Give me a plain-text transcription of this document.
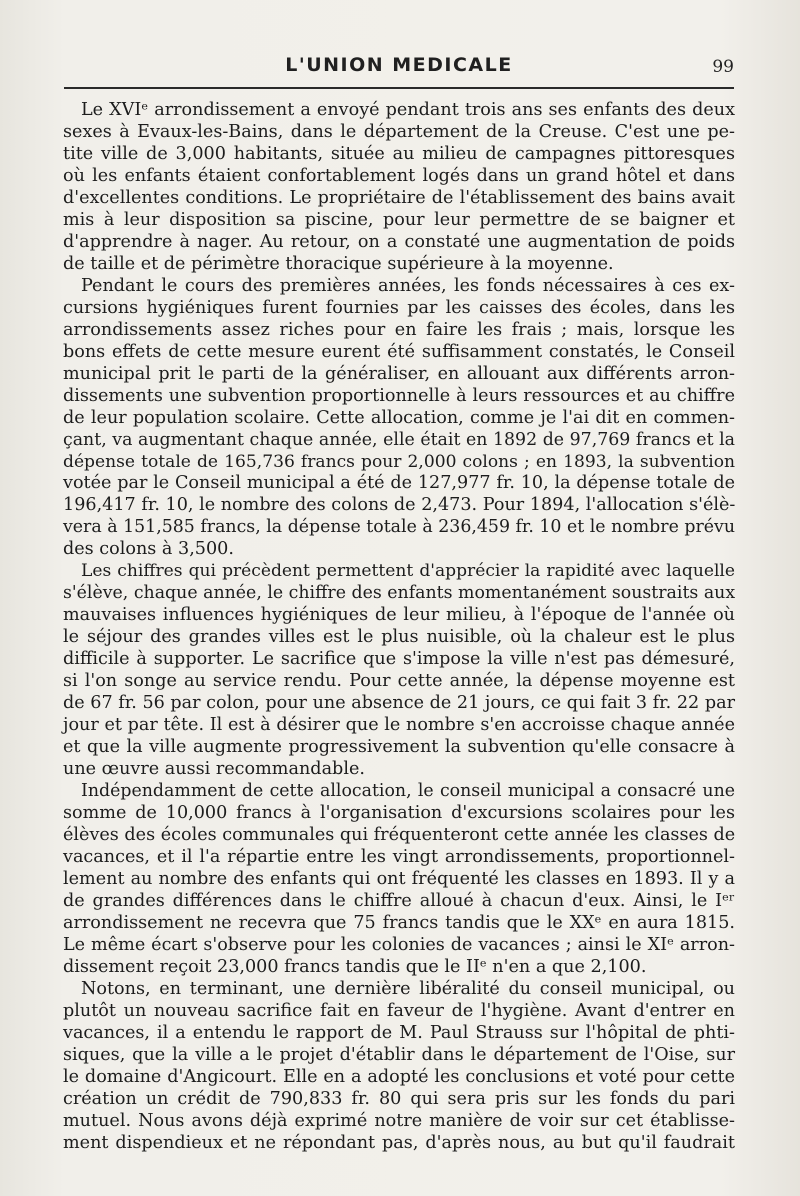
L'UNION MEDICALE	99

Le XVIᵉ arrondissement a envoyé pendant trois ans ses enfants des deux
sexes à Evaux-les-Bains, dans le département de la Creuse. C'est une pe-
tite ville de 3,000 habitants, située au milieu de campagnes pittoresques
où les enfants étaient confortablement logés dans un grand hôtel et dans
d'excellentes conditions. Le propriétaire de l'établissement des bains avait
mis à leur disposition sa piscine, pour leur permettre de se baigner et
d'apprendre à nager. Au retour, on a constaté une augmentation de poids
de taille et de périmètre thoracique supérieure à la moyenne.

Pendant le cours des premières années, les fonds nécessaires à ces ex-
cursions hygiéniques furent fournies par les caisses des écoles, dans les
arrondissements assez riches pour en faire les frais ; mais, lorsque les
bons effets de cette mesure eurent été suffisamment constatés, le Conseil
municipal prit le parti de la généraliser, en allouant aux différents arron-
dissements une subvention proportionnelle à leurs ressources et au chiffre
de leur population scolaire. Cette allocation, comme je l'ai dit en commen-
çant, va augmentant chaque année, elle était en 1892 de 97,769 francs et la
dépense totale de 165,736 francs pour 2,000 colons ; en 1893, la subvention
votée par le Conseil municipal a été de 127,977 fr. 10, la dépense totale de
196,417 fr. 10, le nombre des colons de 2,473. Pour 1894, l'allocation s'élè-
vera à 151,585 francs, la dépense totale à 236,459 fr. 10 et le nombre prévu
des colons à 3,500.

Les chiffres qui précèdent permettent d'apprécier la rapidité avec laquelle
s'élève, chaque année, le chiffre des enfants momentanément soustraits aux
mauvaises influences hygiéniques de leur milieu, à l'époque de l'année où
le séjour des grandes villes est le plus nuisible, où la chaleur est le plus
difficile à supporter. Le sacrifice que s'impose la ville n'est pas démesuré,
si l'on songe au service rendu. Pour cette année, la dépense moyenne est
de 67 fr. 56 par colon, pour une absence de 21 jours, ce qui fait 3 fr. 22 par
jour et par tête. Il est à désirer que le nombre s'en accroisse chaque année
et que la ville augmente progressivement la subvention qu'elle consacre à
une œuvre aussi recommandable.

Indépendamment de cette allocation, le conseil municipal a consacré une
somme de 10,000 francs à l'organisation d'excursions scolaires pour les
élèves des écoles communales qui fréquenteront cette année les classes de
vacances, et il l'a répartie entre les vingt arrondissements, proportionnel-
lement au nombre des enfants qui ont fréquenté les classes en 1893. Il y a
de grandes différences dans le chiffre alloué à chacun d'eux. Ainsi, le Iᵉʳ
arrondissement ne recevra que 75 francs tandis que le XXᵉ en aura 1815.
Le même écart s'observe pour les colonies de vacances ; ainsi le XIᵉ arron-
dissement reçoit 23,000 francs tandis que le IIᵉ n'en a que 2,100.

Notons, en terminant, une dernière libéralité du conseil municipal, ou
plutôt un nouveau sacrifice fait en faveur de l'hygiène. Avant d'entrer en
vacances, il a entendu le rapport de M. Paul Strauss sur l'hôpital de phti-
siques, que la ville a le projet d'établir dans le département de l'Oise, sur
le domaine d'Angicourt. Elle en a adopté les conclusions et voté pour cette
création un crédit de 790,833 fr. 80 qui sera pris sur les fonds du pari
mutuel. Nous avons déjà exprimé notre manière de voir sur cet établisse-
ment dispendieux et ne répondant pas, d'après nous, au but qu'il faudrait
